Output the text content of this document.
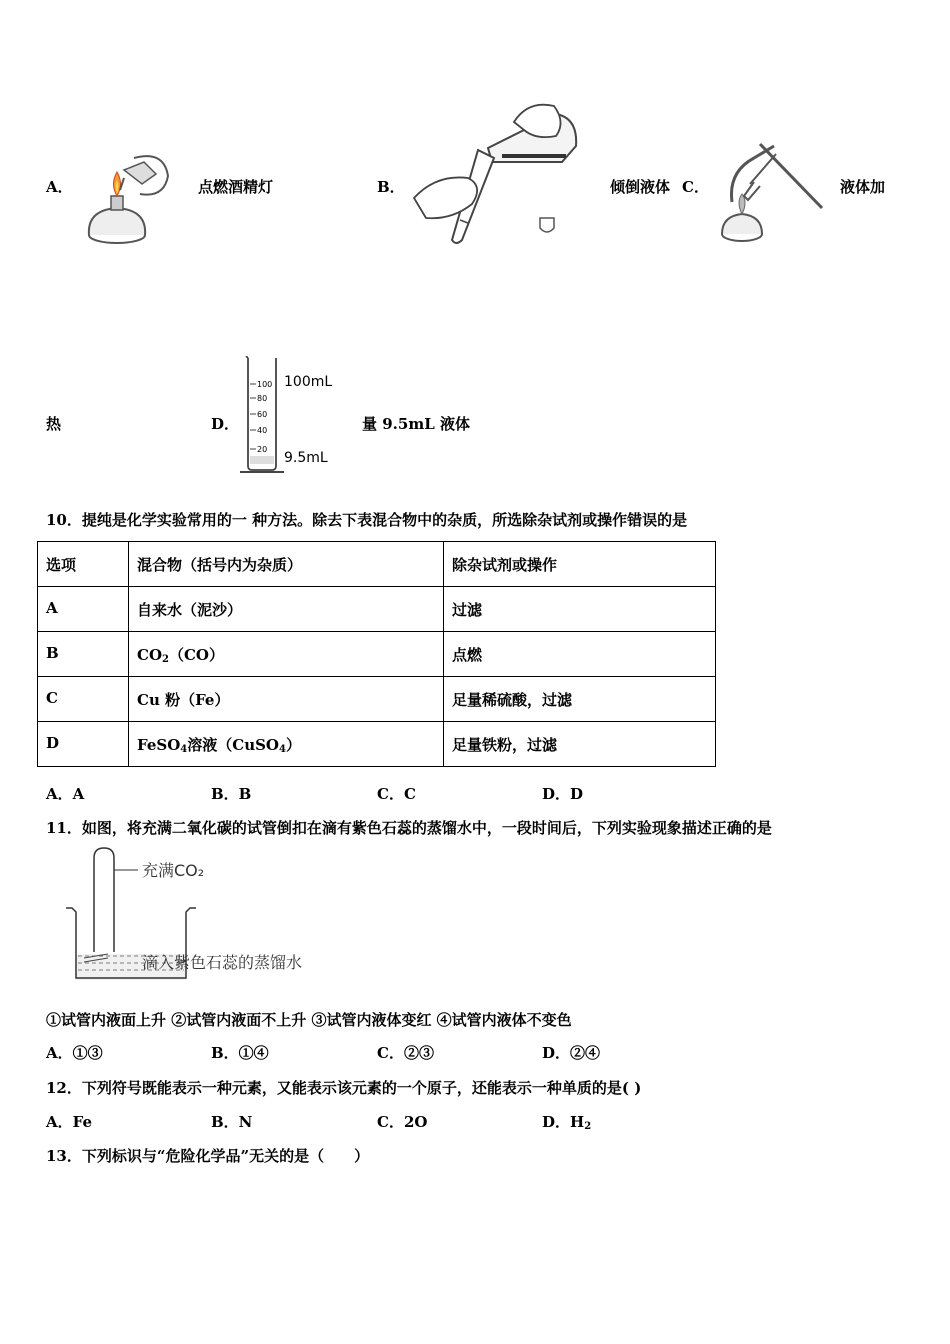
A．	点燃酒精灯	B．	倾倒液体 C．	液体加
热	D．
100
80
60
40
20
100mL
9.5mL
量 9.5mL 液体
10．提纯是化学实验常用的一 种方法。除去下表混合物中的杂质，所选除杂试剂或操作错误的是
选项	混合物（括号内为杂质）	除杂试剂或操作
A	自来水（泥沙）	过滤
B	$CO_2(CO)$	点燃
C	Cu 粉（Fe）	足量稀硫酸，过滤
D	FeSO$_4$溶液（CuSO$_4$）	足量铁粉，过滤
A．A	B．B	C．C	D．D
11．如图，将充满二氧化碳的试管倒扣在滴有紫色石蕊的蒸馏水中，一段时间后，下列实验现象描述正确的是
充满CO₂
滴入紫色石蕊的蒸馏水
①试管内液面上升 ②试管内液面不上升 ③试管内液体变红 ④试管内液体不变色
A．①③	B．①④	C．②③	D．②④
12．下列符号既能表示一种元素，又能表示该元素的一个原子，还能表示一种单质的是( )
A．Fe	B．N	C．2O	D．$H_2$
13．下列标识与“危险化学品”无关的是（　　）
